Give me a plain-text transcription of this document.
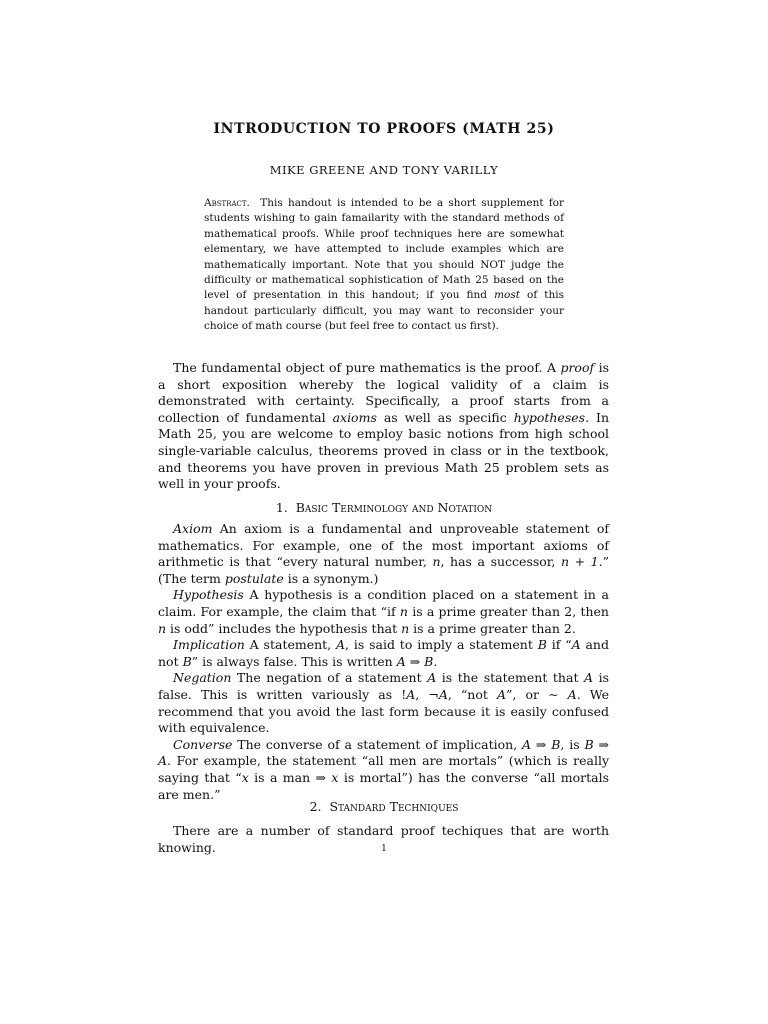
INTRODUCTION TO PROOFS (MATH 25)
MIKE GREENE AND TONY VARILLY
Abstract. This handout is intended to be a short supplement for students wishing to gain famailarity with the standard methods of mathematical proofs. While proof techniques here are somewhat elementary, we have attempted to include examples which are mathematically important. Note that you should NOT judge the difficulty or mathematical sophistication of Math 25 based on the level of presentation in this handout; if you find most of this handout particularly difficult, you may want to reconsider your choice of math course (but feel free to contact us first).

The fundamental object of pure mathematics is the proof. A proof is a short exposition whereby the logical validity of a claim is demonstrated with certainty. Specifically, a proof starts from a collection of fundamental axioms as well as specific hypotheses. In Math 25, you are welcome to employ basic notions from high school single-variable calculus, theorems proved in class or in the textbook, and theorems you have proven in previous Math 25 problem sets as well in your proofs.

1. Basic Terminology and Notation

Axiom An axiom is a fundamental and unproveable statement of mathematics. For example, one of the most important axioms of arithmetic is that “every natural number, n, has a successor, n + 1.” (The term postulate is a synonym.)

Hypothesis A hypothesis is a condition placed on a statement in a claim. For example, the claim that “if n is a prime greater than 2, then n is odd” includes the hypothesis that n is a prime greater than 2.

Implication A statement, A, is said to imply a statement B if “A and not B” is always false. This is written A ⇒ B.

Negation The negation of a statement A is the statement that A is false. This is written variously as !A, ¬A, “not A”, or ∼ A. We recommend that you avoid the last form because it is easily confused with equivalence.

Converse The converse of a statement of implication, A ⇒ B, is B ⇒ A. For example, the statement “all men are mortals” (which is really saying that “x is a man ⇒ x is mortal”) has the converse “all mortals are men.”

2. Standard Techniques
There are a number of standard proof techiques that are worth knowing.	1
